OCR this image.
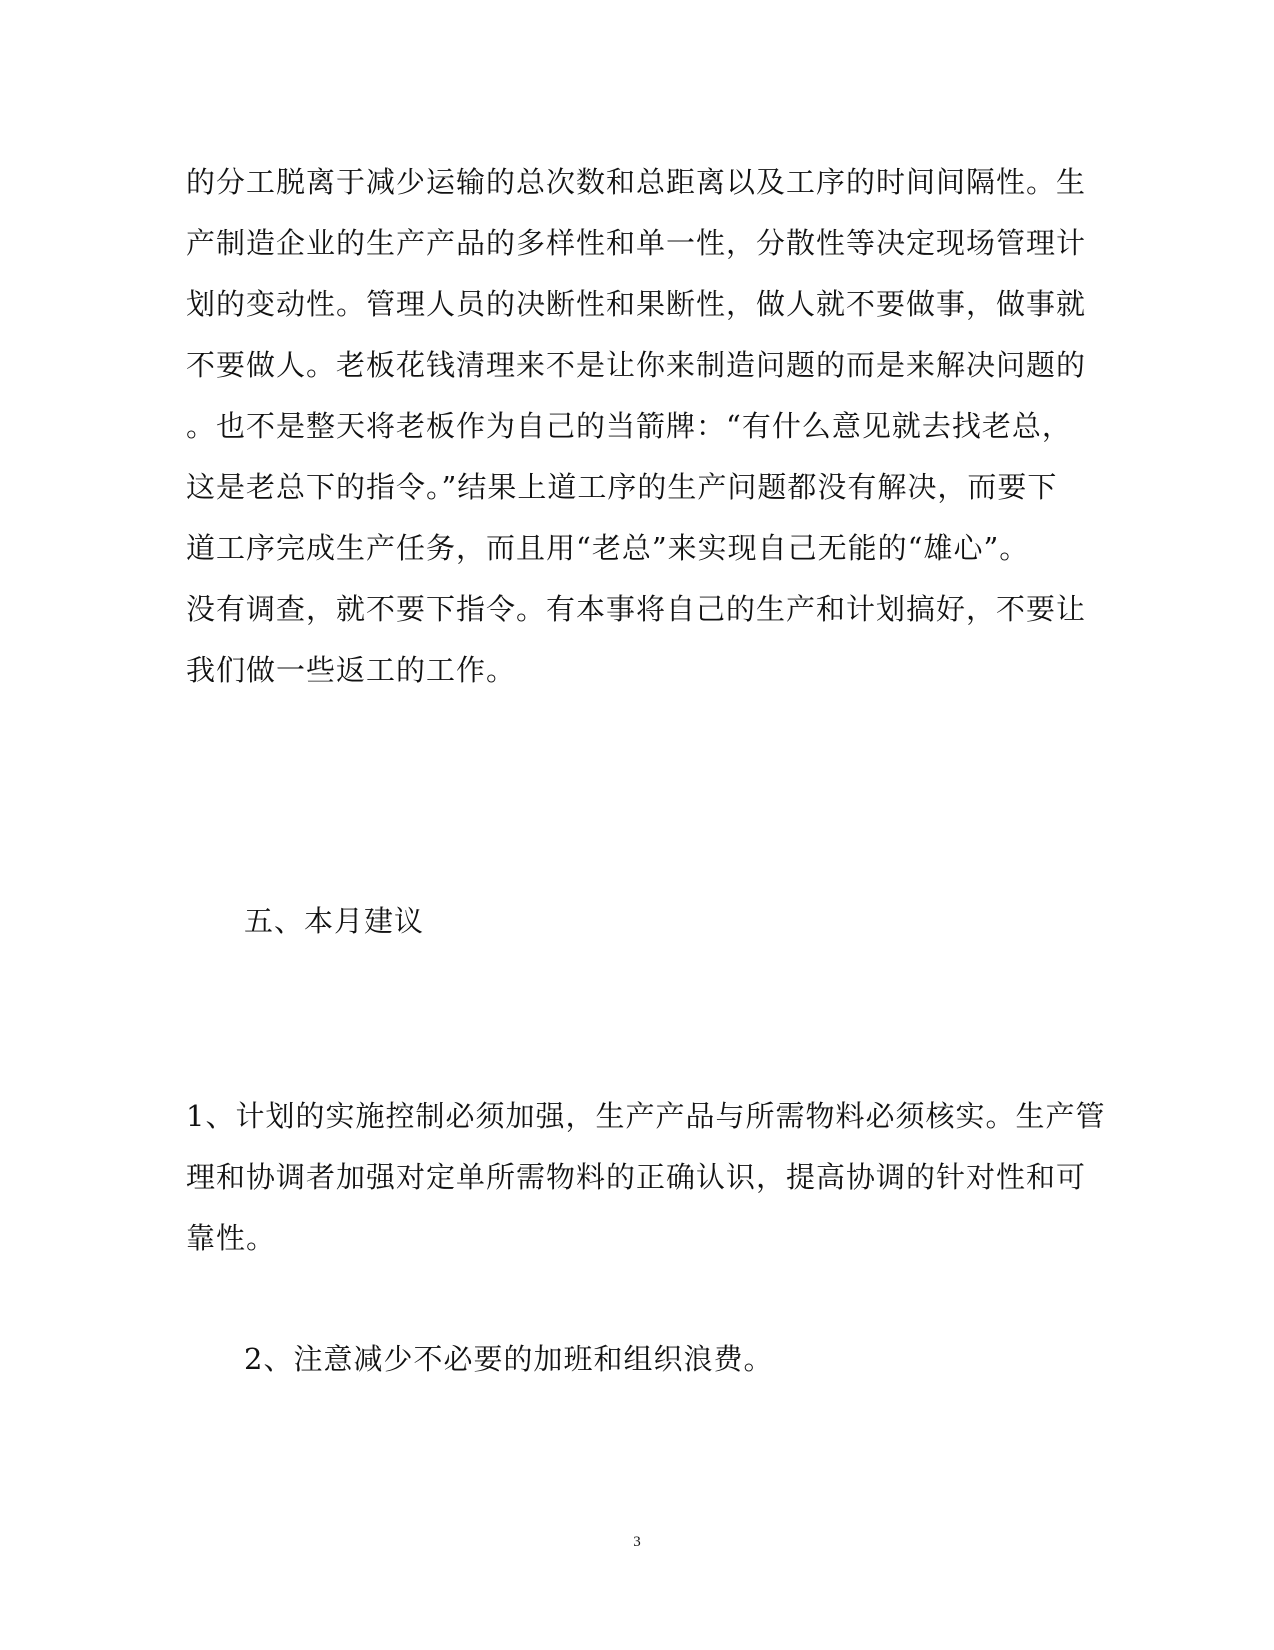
的分工脱离于减少运输的总次数和总距离以及工序的时间间隔性。生
产制造企业的生产产品的多样性和单一性，分散性等决定现场管理计
划的变动性。管理人员的决断性和果断性，做人就不要做事，做事就
不要做人。老板花钱清理来不是让你来制造问题的而是来解决问题的
。也不是整天将老板作为自己的当箭牌：“有什么意见就去找老总，
这是老总下的指令。”结果上道工序的生产问题都没有解决，而要下
道工序完成生产任务，而且用“老总”来实现自己无能的“雄心”。
没有调查，就不要下指令。有本事将自己的生产和计划搞好，不要让
我们做一些返工的工作。
五、本月建议
1、计划的实施控制必须加强，生产产品与所需物料必须核实。生产管
理和协调者加强对定单所需物料的正确认识，提高协调的针对性和可
靠性。
2、注意减少不必要的加班和组织浪费。
3
